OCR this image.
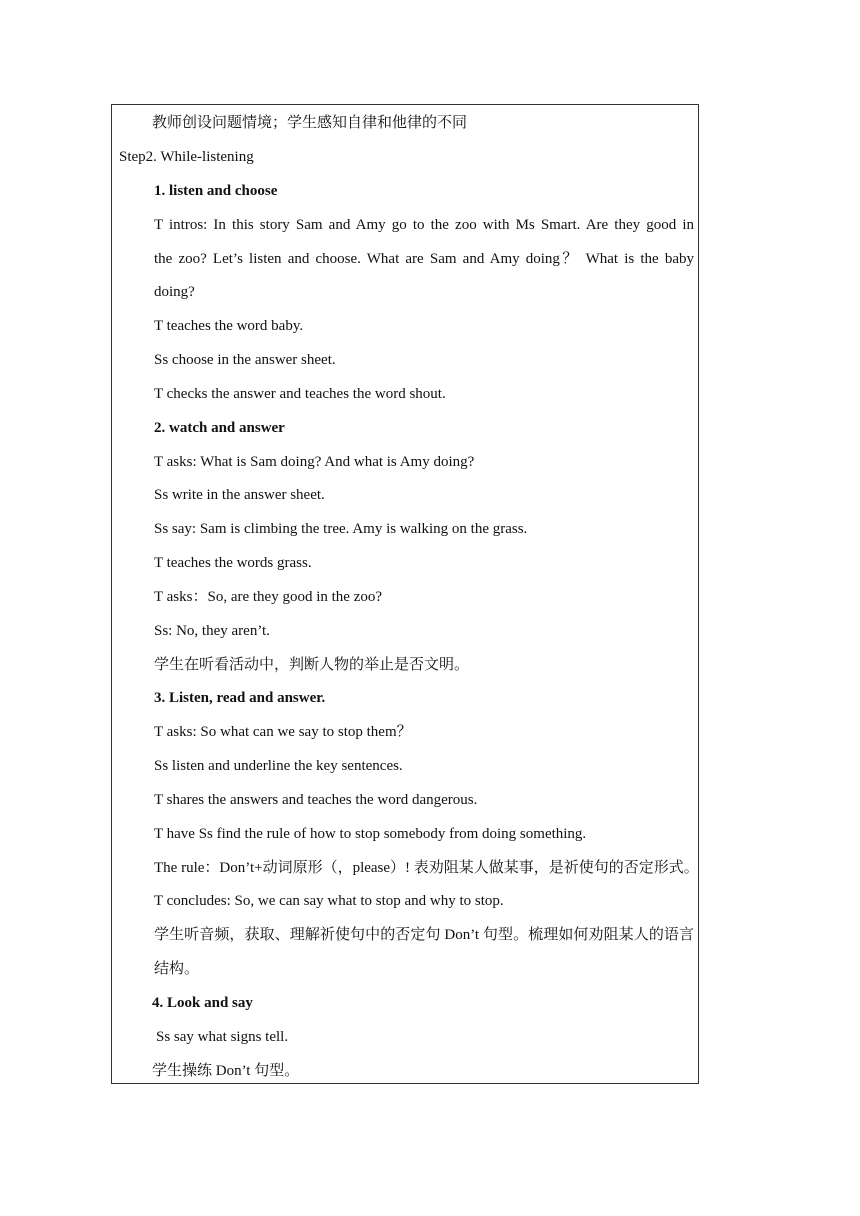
教师创设问题情境；学生感知自律和他律的不同
Step2. While-listening
1. listen and choose
T intros: In this story Sam and Amy go to the zoo with Ms Smart. Are they good in
the zoo? Let’s listen and choose. What are Sam and Amy doing？ What is the baby
doing?
T teaches the word baby.
Ss choose in the answer sheet.
T checks the answer and teaches the word shout.
2. watch and answer
T asks: What is Sam doing? And what is Amy doing?
Ss write in the answer sheet.
Ss say: Sam is climbing the tree. Amy is walking on the grass.
T teaches the words grass.
T asks：So, are they good in the zoo?
Ss: No, they aren’t.
学生在听看活动中，判断人物的举止是否文明。
3. Listen, read and answer.
T asks: So what can we say to stop them？
Ss listen and underline the key sentences.
T shares the answers and teaches the word dangerous.
T have Ss find the rule of how to stop somebody from doing something.
The rule：Don’t+动词原形（，please）! 表劝阻某人做某事，是祈使句的否定形式。
T concludes: So, we can say what to stop and why to stop.
学生听音频，获取、理解祈使句中的否定句 Don’t 句型。梳理如何劝阻某人的语言
结构。
4. Look and say
Ss say what signs tell.
学生操练 Don’t 句型。
